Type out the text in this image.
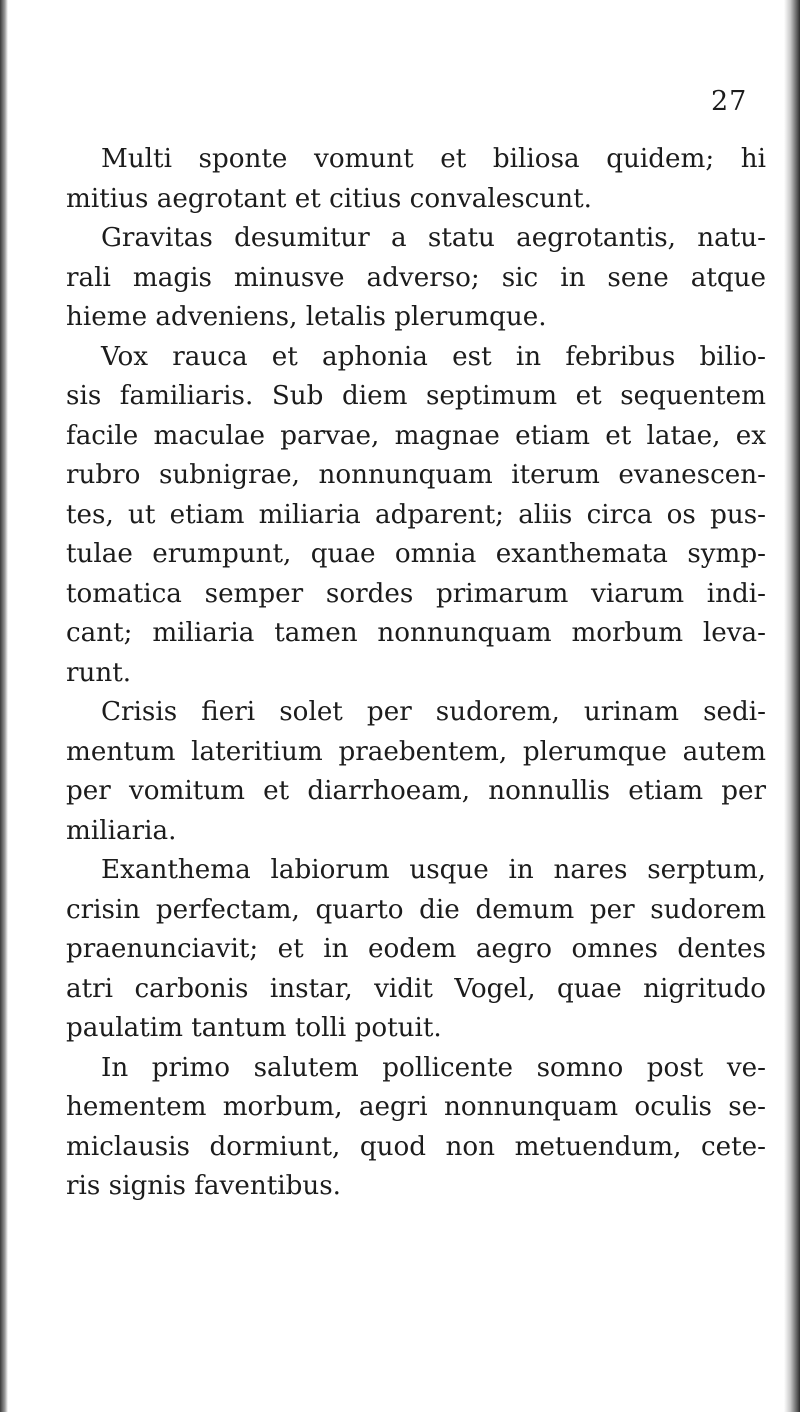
27
Multi sponte vomunt et biliosa quidem; hi
mitius aegrotant et citius convalescunt.
Gravitas desumitur a statu aegrotantis, natu-
rali magis minusve adverso; sic in sene atque
hieme adveniens, letalis plerumque.
Vox rauca et aphonia est in febribus bilio-
sis familiaris. Sub diem septimum et sequentem
facile maculae parvae, magnae etiam et latae, ex
rubro subnigrae, nonnunquam iterum evanescen-
tes, ut etiam miliaria adparent; aliis circa os pus-
tulae erumpunt, quae omnia exanthemata symp-
tomatica semper sordes primarum viarum indi-
cant; miliaria tamen nonnunquam morbum leva-
runt.
Crisis fieri solet per sudorem, urinam sedi-
mentum lateritium praebentem, plerumque autem
per vomitum et diarrhoeam, nonnullis etiam per
miliaria.
Exanthema labiorum usque in nares serptum,
crisin perfectam, quarto die demum per sudorem
praenunciavit; et in eodem aegro omnes dentes
atri carbonis instar, vidit Vogel, quae nigritudo
paulatim tantum tolli potuit.
In primo salutem pollicente somno post ve-
hementem morbum, aegri nonnunquam oculis se-
miclausis dormiunt, quod non metuendum, cete-
ris signis faventibus.
